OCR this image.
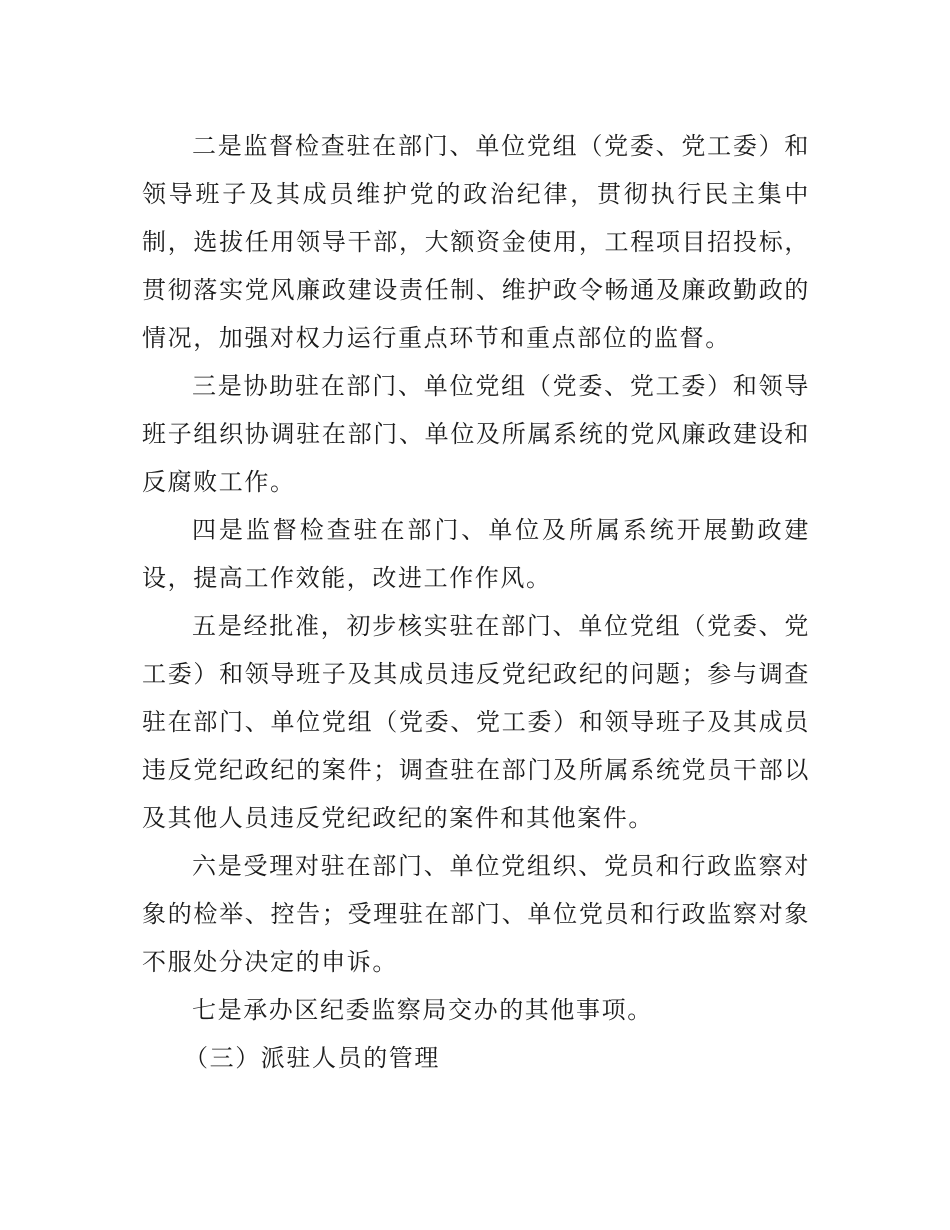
二是监督检查驻在部门、单位党组（党委、党工委）和领导班子及其成员维护党的政治纪律，贯彻执行民主集中制，选拔任用领导干部，大额资金使用，工程项目招投标，贯彻落实党风廉政建设责任制、维护政令畅通及廉政勤政的情况，加强对权力运行重点环节和重点部位的监督。

三是协助驻在部门、单位党组（党委、党工委）和领导班子组织协调驻在部门、单位及所属系统的党风廉政建设和反腐败工作。

四是监督检查驻在部门、单位及所属系统开展勤政建设，提高工作效能，改进工作作风。

五是经批准，初步核实驻在部门、单位党组（党委、党工委）和领导班子及其成员违反党纪政纪的问题；参与调查驻在部门、单位党组（党委、党工委）和领导班子及其成员违反党纪政纪的案件；调查驻在部门及所属系统党员干部以及其他人员违反党纪政纪的案件和其他案件。

六是受理对驻在部门、单位党组织、党员和行政监察对象的检举、控告；受理驻在部门、单位党员和行政监察对象不服处分决定的申诉。

七是承办区纪委监察局交办的其他事项。

（三）派驻人员的管理
